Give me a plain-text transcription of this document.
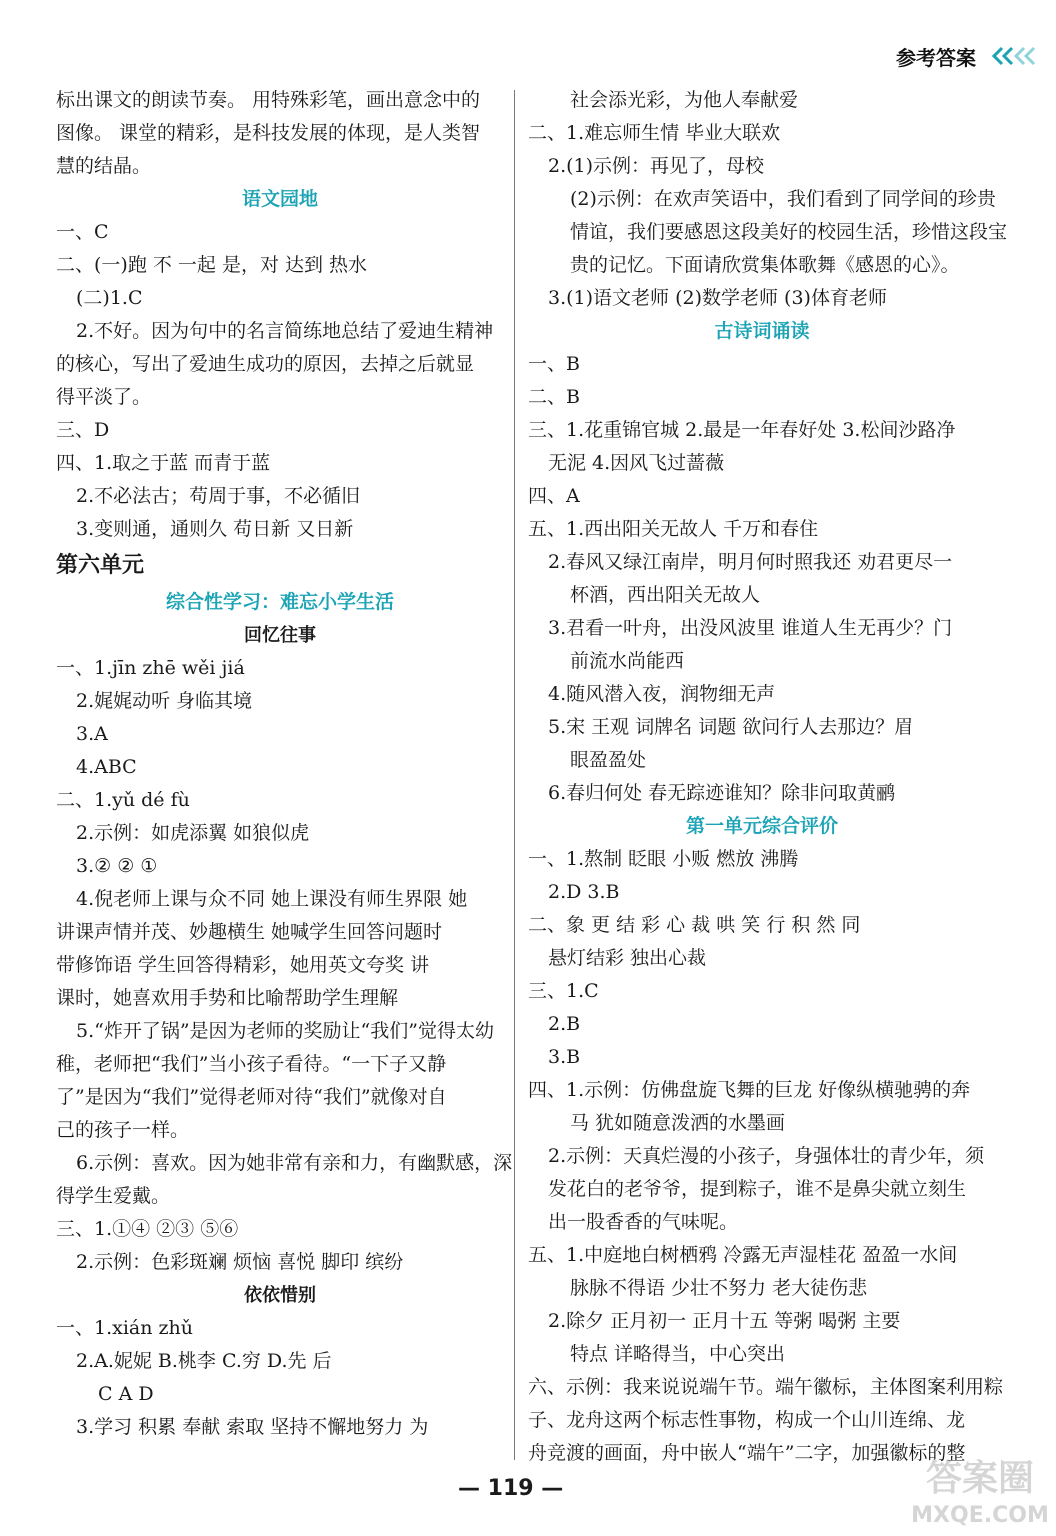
参考答案
标出课文的朗读节奏。 用特殊彩笔，画出意念中的
图像。 课堂的精彩，是科技发展的体现，是人类智
慧的结晶。
语文园地
一、C
二、(一)跑 不 一起 是，对 达到 热水
(二)1.C
2.不好。因为句中的名言简练地总结了爱迪生精神
的核心，写出了爱迪生成功的原因，去掉之后就显
得平淡了。
三、D
四、1.取之于蓝 而青于蓝
2.不必法古；苟周于事，不必循旧
3.变则通，通则久 苟日新 又日新
第六单元
综合性学习：难忘小学生活
回忆往事
一、1.jīn zhē wěi jiá
2.娓娓动听 身临其境
3.A
4.ABC
二、1.yǔ dé fù
2.示例：如虎添翼 如狼似虎
3.② ② ①
4.倪老师上课与众不同 她上课没有师生界限 她
讲课声情并茂、妙趣横生 她喊学生回答问题时
带修饰语 学生回答得精彩，她用英文夸奖 讲
课时，她喜欢用手势和比喻帮助学生理解
5.“炸开了锅”是因为老师的奖励让“我们”觉得太幼
稚，老师把“我们”当小孩子看待。“一下子又静
了”是因为“我们”觉得老师对待“我们”就像对自
己的孩子一样。
6.示例：喜欢。因为她非常有亲和力，有幽默感，深
得学生爱戴。
三、1.①④ ②③ ⑤⑥
2.示例：色彩斑斓 烦恼 喜悦 脚印 缤纷
依依惜别
一、1.xián zhǔ
2.A.妮妮 B.桃李 C.穷 D.先 后
C A D
3.学习 积累 奉献 索取 坚持不懈地努力 为
社会添光彩，为他人奉献爱
二、1.难忘师生情 毕业大联欢
2.(1)示例：再见了，母校
(2)示例：在欢声笑语中，我们看到了同学间的珍贵
情谊，我们要感恩这段美好的校园生活，珍惜这段宝
贵的记忆。下面请欣赏集体歌舞《感恩的心》。
3.(1)语文老师 (2)数学老师 (3)体育老师
古诗词诵读
一、B
二、B
三、1.花重锦官城 2.最是一年春好处 3.松间沙路净
无泥 4.因风飞过蔷薇
四、A
五、1.西出阳关无故人 千万和春住
2.春风又绿江南岸，明月何时照我还 劝君更尽一
杯酒，西出阳关无故人
3.君看一叶舟，出没风波里 谁道人生无再少？门
前流水尚能西
4.随风潜入夜，润物细无声
5.宋 王观 词牌名 词题 欲问行人去那边？眉
眼盈盈处
6.春归何处 春无踪迹谁知？除非问取黄鹂
第一单元综合评价
一、1.熬制 眨眼 小贩 燃放 沸腾
2.D 3.B
二、象 更 结 彩 心 裁 哄 笑 行 积 然 同
悬灯结彩 独出心裁
三、1.C
2.B
3.B
四、1.示例：仿佛盘旋飞舞的巨龙 好像纵横驰骋的奔
马 犹如随意泼洒的水墨画
2.示例：天真烂漫的小孩子，身强体壮的青少年，须
发花白的老爷爷，提到粽子，谁不是鼻尖就立刻生
出一股香香的气味呢。
五、1.中庭地白树栖鸦 冷露无声湿桂花 盈盈一水间
脉脉不得语 少壮不努力 老大徒伤悲
2.除夕 正月初一 正月十五 等粥 喝粥 主要
特点 详略得当，中心突出
六、示例：我来说说端午节。端午徽标，主体图案利用粽
子、龙舟这两个标志性事物，构成一个山川连绵、龙
舟竞渡的画面，舟中嵌人“端午”二字，加强徽标的整
— 119 —	答案圈
MXQE.COM
